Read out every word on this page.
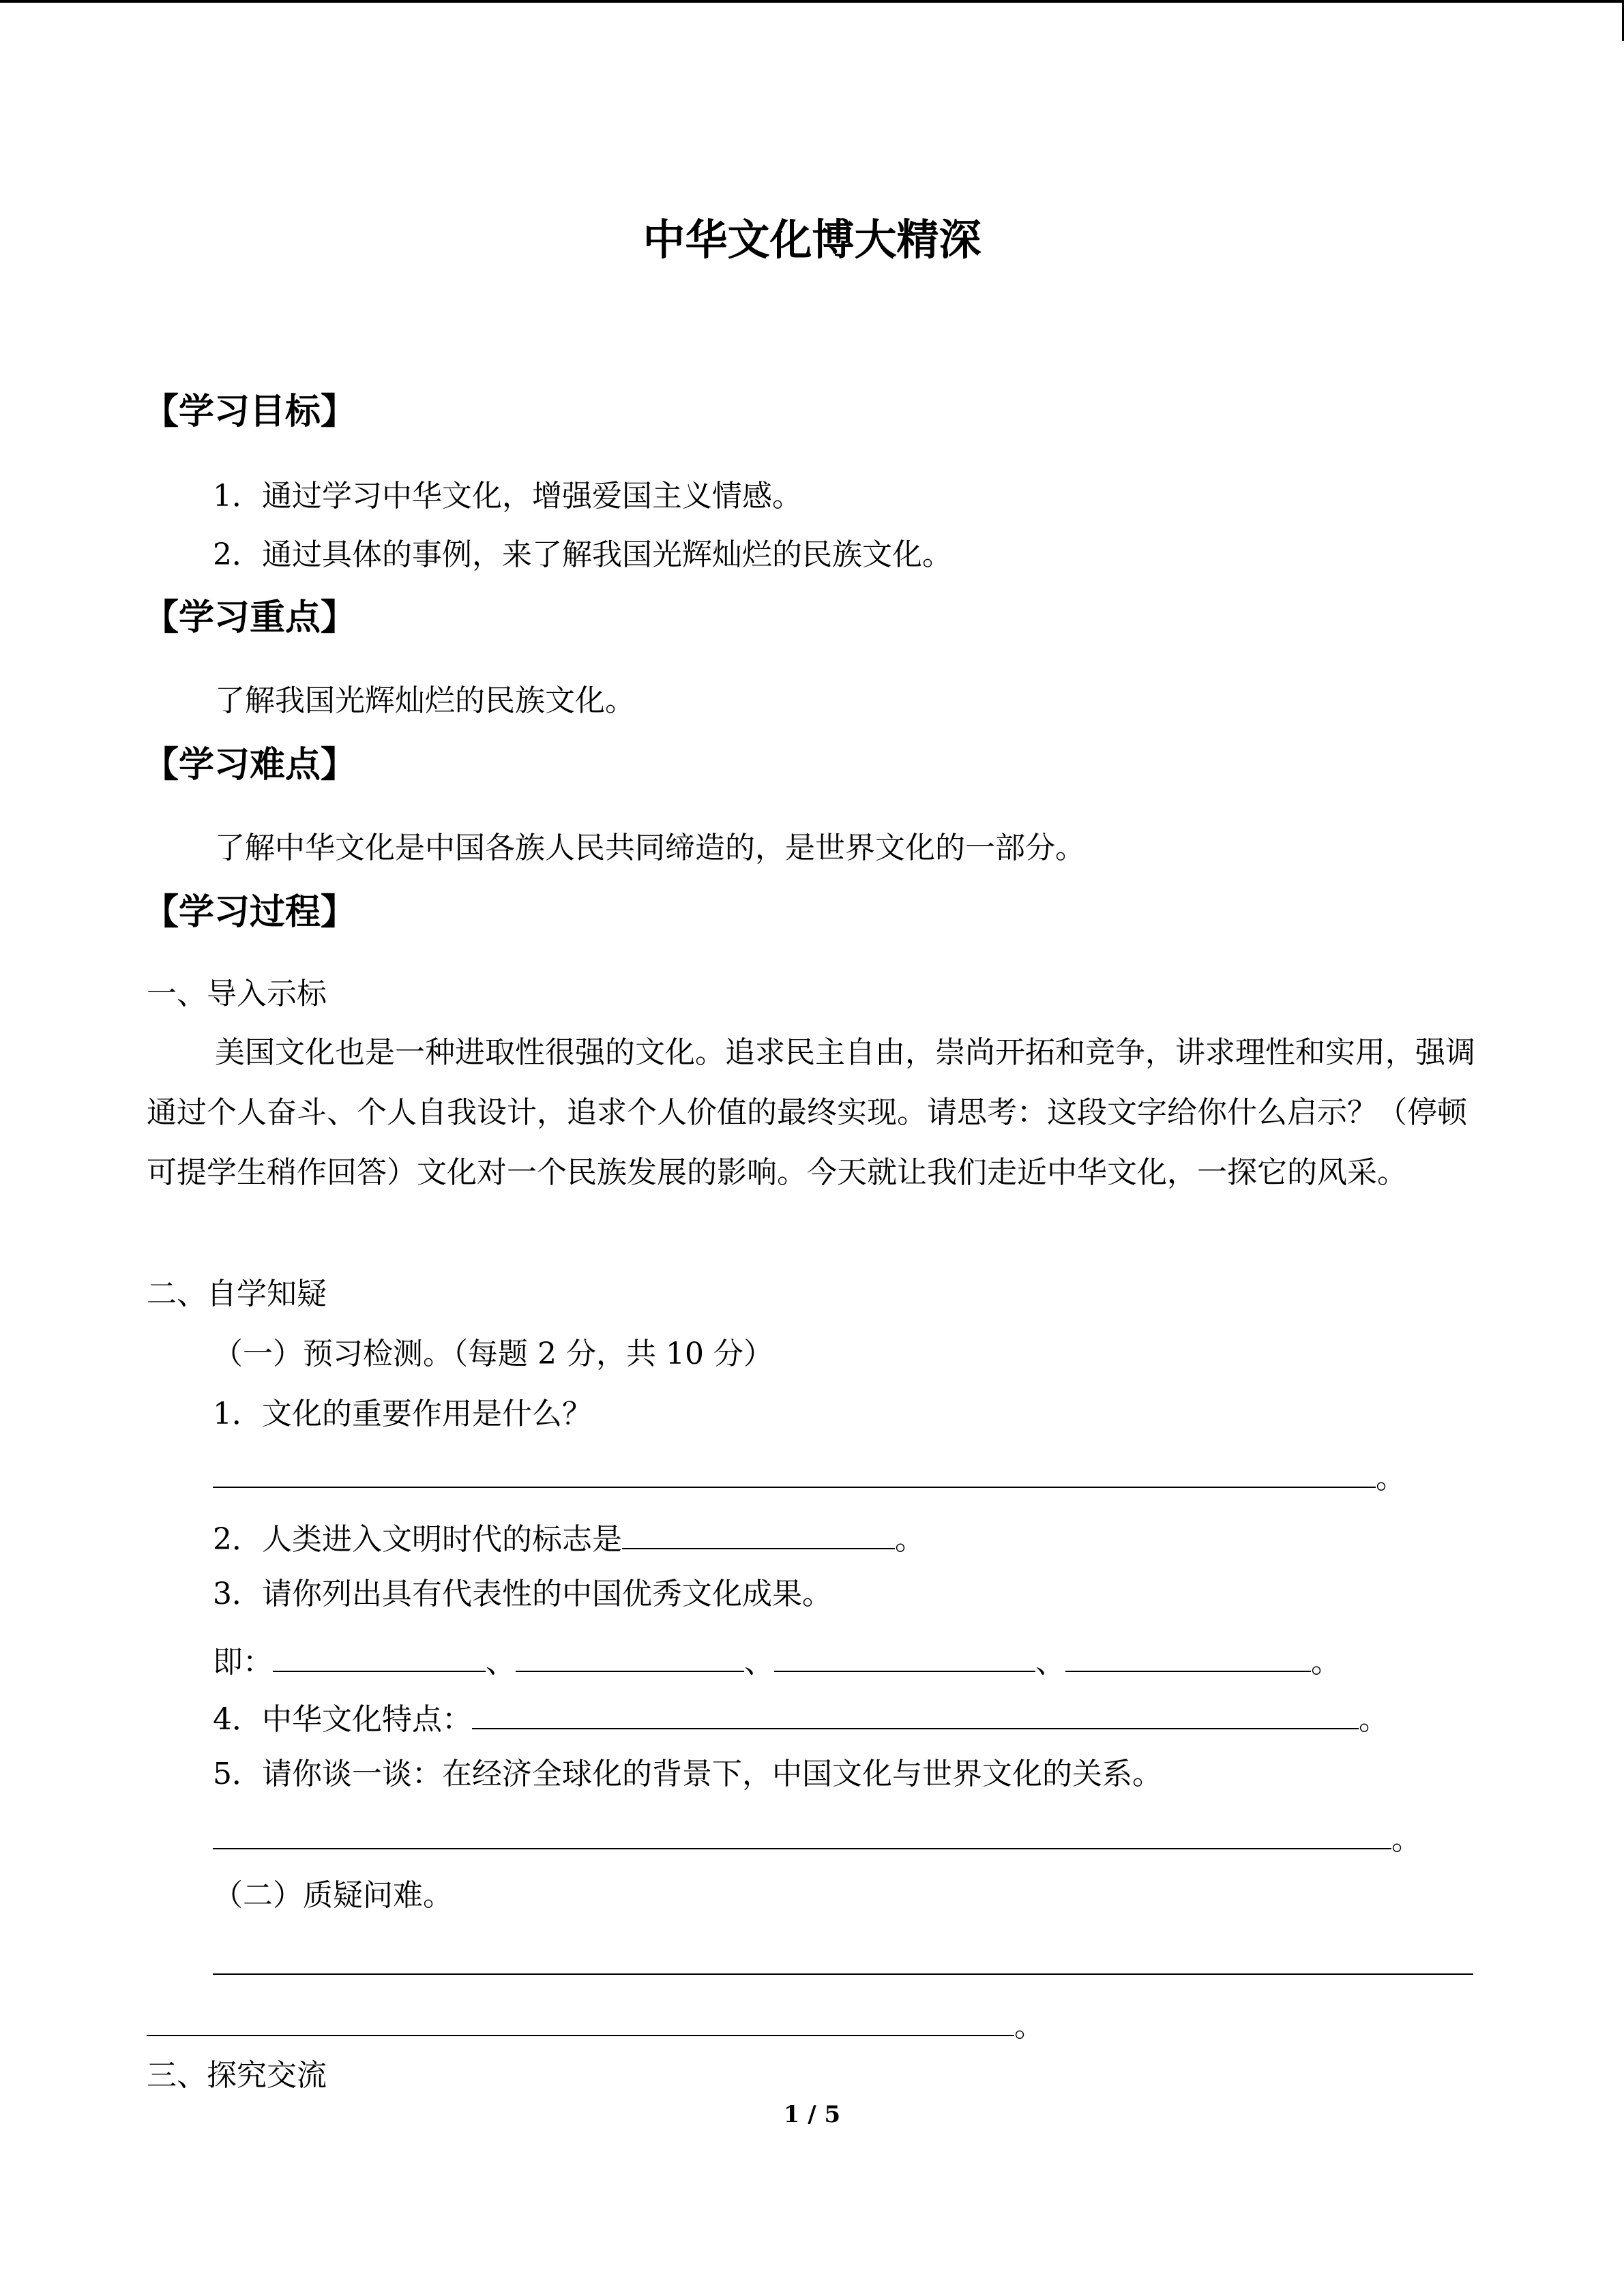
中华文化博大精深
【学习目标】
1．通过学习中华文化，增强爱国主义情感。
2．通过具体的事例，来了解我国光辉灿烂的民族文化。
【学习重点】
了解我国光辉灿烂的民族文化。
【学习难点】
了解中华文化是中国各族人民共同缔造的，是世界文化的一部分。
【学习过程】
一、导入示标
美国文化也是一种进取性很强的文化。追求民主自由，崇尚开拓和竞争，讲求理性和实用，强调通过个人奋斗、个人自我设计，追求个人价值的最终实现。请思考：这段文字给你什么启示？（停顿可提学生稍作回答）文化对一个民族发展的影响。今天就让我们走近中华文化，一探它的风采。
二、自学知疑
（一）预习检测。（每题 2 分，共 10 分）
1．文化的重要作用是什么？
。
2．人类进入文明时代的标志是	。
3．请你列出具有代表性的中国优秀文化成果。
即：	、	、	、	。
4．中华文化特点：	。
5．请你谈一谈：在经济全球化的背景下，中国文化与世界文化的关系。
。
（二）质疑问难。
。
三、探究交流
1 / 5
